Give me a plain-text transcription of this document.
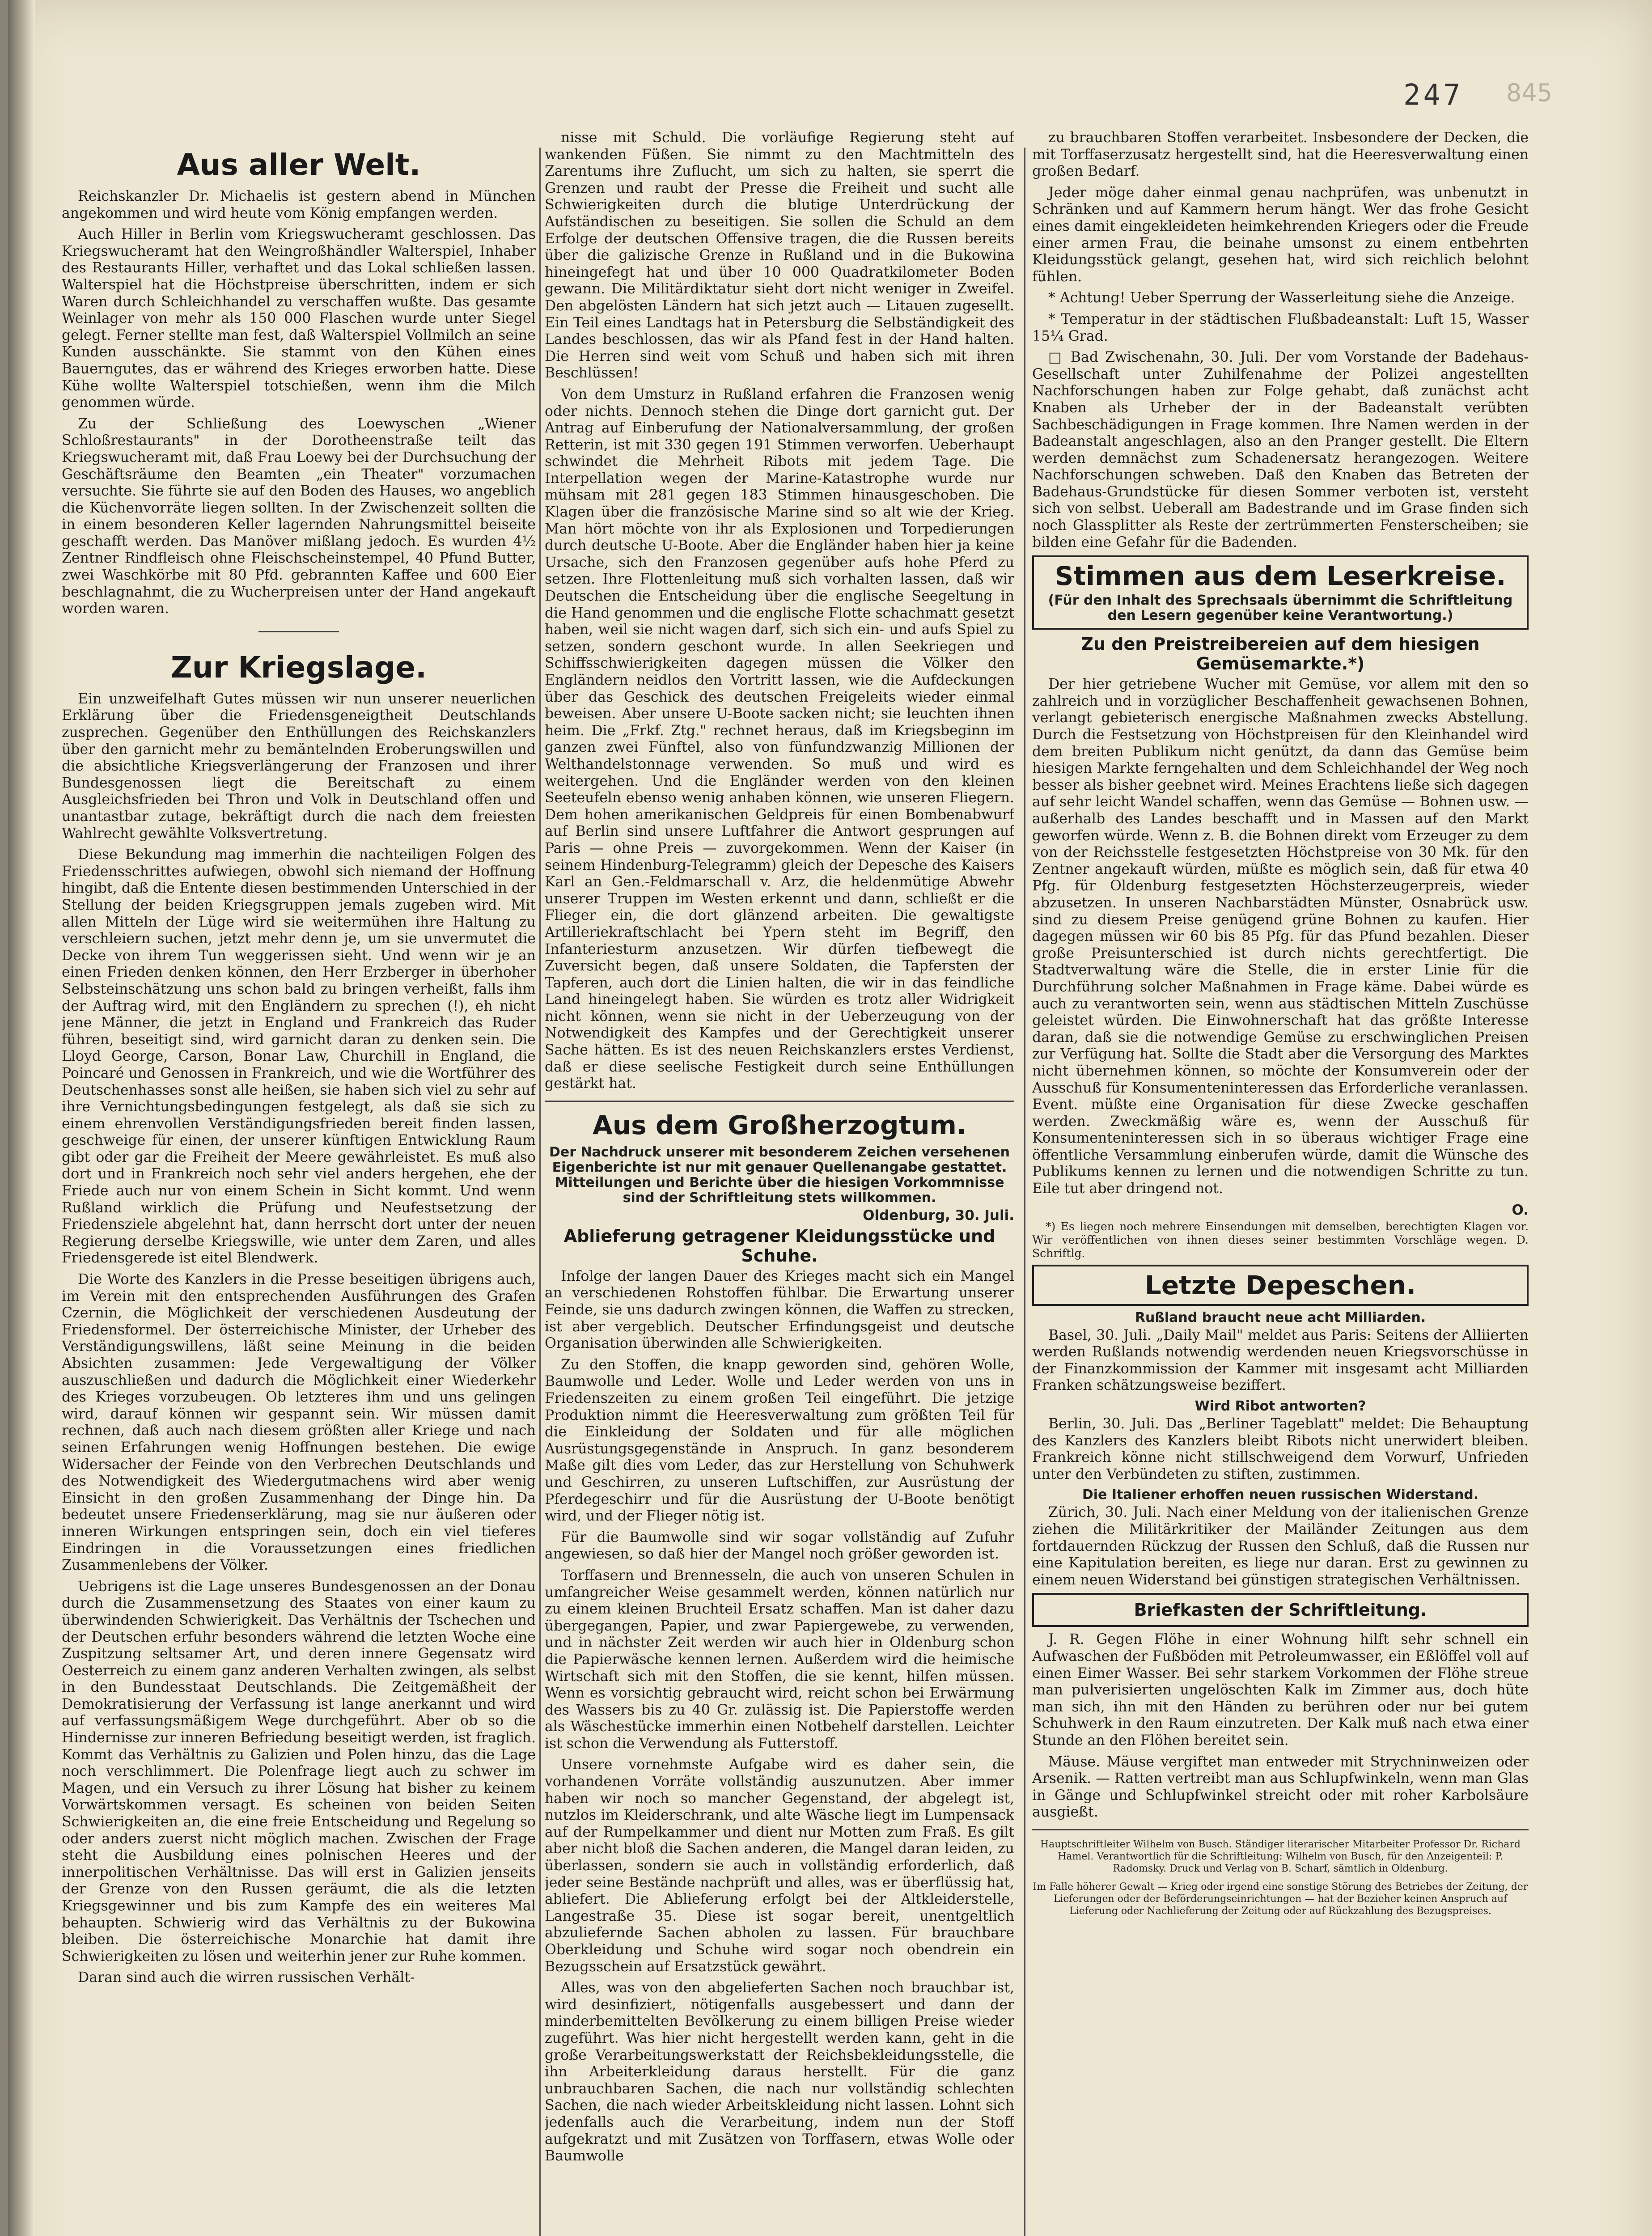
247 845
Aus aller Welt.

Reichskanzler Dr. Michaelis ist gestern abend in München angekommen und wird heute vom König empfangen werden.

Auch Hiller in Berlin vom Kriegswucheramt geschlossen. Das Kriegswucheramt hat den Weingroßhändler Walterspiel, Inhaber des Restaurants Hiller, verhaftet und das Lokal schließen lassen. Walterspiel hat die Höchstpreise überschritten, indem er sich Waren durch Schleichhandel zu verschaffen wußte. Das gesamte Weinlager von mehr als 150 000 Flaschen wurde unter Siegel gelegt. Ferner stellte man fest, daß Walterspiel Vollmilch an seine Kunden ausschänkte. Sie stammt von den Kühen eines Bauerngutes, das er während des Krieges erworben hatte. Diese Kühe wollte Walterspiel totschießen, wenn ihm die Milch genommen würde.

Zu der Schließung des Loewyschen „Wiener Schloßrestaurants" in der Dorotheenstraße teilt das Kriegswucheramt mit, daß Frau Loewy bei der Durchsuchung der Geschäftsräume den Beamten „ein Theater" vorzumachen versuchte. Sie führte sie auf den Boden des Hauses, wo angeblich die Küchenvorräte liegen sollten. In der Zwischenzeit sollten die in einem besonderen Keller lagernden Nahrungsmittel beiseite geschafft werden. Das Manöver mißlang jedoch. Es wurden 4½ Zentner Rindfleisch ohne Fleischscheinstempel, 40 Pfund Butter, zwei Waschkörbe mit 80 Pfd. gebrannten Kaffee und 600 Eier beschlagnahmt, die zu Wucherpreisen unter der Hand angekauft worden waren.

Zur Kriegslage.

Ein unzweifelhaft Gutes müssen wir nun unserer neuerlichen Erklärung über die Friedensgeneigtheit Deutschlands zusprechen. Gegenüber den Enthüllungen des Reichskanzlers über den garnicht mehr zu bemäntelnden Eroberungswillen und die absichtliche Kriegsverlängerung der Franzosen und ihrer Bundesgenossen liegt die Bereitschaft zu einem Ausgleichsfrieden bei Thron und Volk in Deutschland offen und unantastbar zutage, bekräftigt durch die nach dem freiesten Wahlrecht gewählte Volksvertretung.

Diese Bekundung mag immerhin die nachteiligen Folgen des Friedensschrittes aufwiegen, obwohl sich niemand der Hoffnung hingibt, daß die Entente diesen bestimmenden Unterschied in der Stellung der beiden Kriegsgruppen jemals zugeben wird. Mit allen Mitteln der Lüge wird sie weitermühen ihre Haltung zu verschleiern suchen, jetzt mehr denn je, um sie unvermutet die Decke von ihrem Tun weggerissen sieht. Und wenn wir je an einen Frieden denken können, den Herr Erzberger in überhoher Selbsteinschätzung uns schon bald zu bringen verheißt, falls ihm der Auftrag wird, mit den Engländern zu sprechen (!), eh nicht jene Männer, die jetzt in England und Frankreich das Ruder führen, beseitigt sind, wird garnicht daran zu denken sein. Die Lloyd George, Carson, Bonar Law, Churchill in England, die Poincaré und Genossen in Frankreich, und wie die Wortführer des Deutschenhasses sonst alle heißen, sie haben sich viel zu sehr auf ihre Vernichtungsbedingungen festgelegt, als daß sie sich zu einem ehrenvollen Verständigungsfrieden bereit finden lassen, geschweige für einen, der unserer künftigen Entwicklung Raum gibt oder gar die Freiheit der Meere gewährleistet. Es muß also dort und in Frankreich noch sehr viel anders hergehen, ehe der Friede auch nur von einem Schein in Sicht kommt. Und wenn Rußland wirklich die Prüfung und Neufestsetzung der Friedensziele abgelehnt hat, dann herrscht dort unter der neuen Regierung derselbe Kriegswille, wie unter dem Zaren, und alles Friedensgerede ist eitel Blendwerk.

Die Worte des Kanzlers in die Presse beseitigen übrigens auch, im Verein mit den entsprechenden Ausführungen des Grafen Czernin, die Möglichkeit der verschiedenen Ausdeutung der Friedensformel. Der österreichische Minister, der Urheber des Verständigungswillens, läßt seine Meinung in die beiden Absichten zusammen: Jede Vergewaltigung der Völker auszuschließen und dadurch die Möglichkeit einer Wiederkehr des Krieges vorzubeugen. Ob letzteres ihm und uns gelingen wird, darauf können wir gespannt sein. Wir müssen damit rechnen, daß auch nach diesem größten aller Kriege und nach seinen Erfahrungen wenig Hoffnungen bestehen. Die ewige Widersacher der Feinde von den Verbrechen Deutschlands und des Notwendigkeit des Wiedergutmachens wird aber wenig Einsicht in den großen Zusammenhang der Dinge hin. Da bedeutet unsere Friedenserklärung, mag sie nur äußeren oder inneren Wirkungen entspringen sein, doch ein viel tieferes Eindringen in die Voraussetzungen eines friedlichen Zusammenlebens der Völker.

Uebrigens ist die Lage unseres Bundesgenossen an der Donau durch die Zusammensetzung des Staates von einer kaum zu überwindenden Schwierigkeit. Das Verhältnis der Tschechen und der Deutschen erfuhr besonders während die letzten Woche eine Zuspitzung seltsamer Art, und deren innere Gegensatz wird Oesterreich zu einem ganz anderen Verhalten zwingen, als selbst in den Bundesstaat Deutschlands. Die Zeitgemäßheit der Demokratisierung der Verfassung ist lange anerkannt und wird auf verfassungsmäßigem Wege durchgeführt. Aber ob so die Hindernisse zur inneren Befriedung beseitigt werden, ist fraglich. Kommt das Verhältnis zu Galizien und Polen hinzu, das die Lage noch verschlimmert. Die Polenfrage liegt auch zu schwer im Magen, und ein Versuch zu ihrer Lösung hat bisher zu keinem Vorwärtskommen versagt. Es scheinen von beiden Seiten Schwierigkeiten an, die eine freie Entscheidung und Regelung so oder anders zuerst nicht möglich machen. Zwischen der Frage steht die Ausbildung eines polnischen Heeres und der innerpolitischen Verhältnisse. Das will erst in Galizien jenseits der Grenze von den Russen geräumt, die als die letzten Kriegsgewinner und bis zum Kampfe des ein weiteres Mal behaupten. Schwierig wird das Verhältnis zu der Bukowina bleiben. Die österreichische Monarchie hat damit ihre Schwierigkeiten zu lösen und weiterhin jener zur Ruhe kommen.

Daran sind auch die wirren russischen Verhält-

nisse mit Schuld. Die vorläufige Regierung steht auf wankenden Füßen. Sie nimmt zu den Machtmitteln des Zarentums ihre Zuflucht, um sich zu halten, sie sperrt die Grenzen und raubt der Presse die Freiheit und sucht alle Schwierigkeiten durch die blutige Unterdrückung der Aufständischen zu beseitigen. Sie sollen die Schuld an dem Erfolge der deutschen Offensive tragen, die die Russen bereits über die galizische Grenze in Rußland und in die Bukowina hineingefegt hat und über 10 000 Quadratkilometer Boden gewann. Die Militärdiktatur sieht dort nicht weniger in Zweifel. Den abgelösten Ländern hat sich jetzt auch — Litauen zugesellt. Ein Teil eines Landtags hat in Petersburg die Selbständigkeit des Landes beschlossen, das wir als Pfand fest in der Hand halten. Die Herren sind weit vom Schuß und haben sich mit ihren Beschlüssen!

Von dem Umsturz in Rußland erfahren die Franzosen wenig oder nichts. Dennoch stehen die Dinge dort garnicht gut. Der Antrag auf Einberufung der Nationalversammlung, der großen Retterin, ist mit 330 gegen 191 Stimmen verworfen. Ueberhaupt schwindet die Mehrheit Ribots mit jedem Tage. Die Interpellation wegen der Marine-Katastrophe wurde nur mühsam mit 281 gegen 183 Stimmen hinausgeschoben. Die Klagen über die französische Marine sind so alt wie der Krieg. Man hört möchte von ihr als Explosionen und Torpedierungen durch deutsche U-Boote. Aber die Engländer haben hier ja keine Ursache, sich den Franzosen gegenüber aufs hohe Pferd zu setzen. Ihre Flottenleitung muß sich vorhalten lassen, daß wir Deutschen die Entscheidung über die englische Seegeltung in die Hand genommen und die englische Flotte schachmatt gesetzt haben, weil sie nicht wagen darf, sich sich ein- und aufs Spiel zu setzen, sondern geschont wurde. In allen Seekriegen und Schiffsschwierigkeiten dagegen müssen die Völker den Engländern neidlos den Vortritt lassen, wie die Aufdeckungen über das Geschick des deutschen Freigeleits wieder einmal beweisen. Aber unsere U-Boote sacken nicht; sie leuchten ihnen heim. Die „Frkf. Ztg." rechnet heraus, daß im Kriegsbeginn im ganzen zwei Fünftel, also von fünfundzwanzig Millionen der Welthandelstonnage verwenden. So muß und wird es weitergehen. Und die Engländer werden von den kleinen Seeteufeln ebenso wenig anhaben können, wie unseren Fliegern. Dem hohen amerikanischen Geldpreis für einen Bombenabwurf auf Berlin sind unsere Luftfahrer die Antwort gesprungen auf Paris — ohne Preis — zuvorgekommen. Wenn der Kaiser (in seinem Hindenburg-Telegramm) gleich der Depesche des Kaisers Karl an Gen.-Feldmarschall v. Arz, die heldenmütige Abwehr unserer Truppen im Westen erkennt und dann, schließt er die Flieger ein, die dort glänzend arbeiten. Die gewaltigste Artilleriekraftschlacht bei Ypern steht im Begriff, den Infanteriesturm anzusetzen. Wir dürfen tiefbewegt die Zuversicht begen, daß unsere Soldaten, die Tapfersten der Tapferen, auch dort die Linien halten, die wir in das feindliche Land hineingelegt haben. Sie würden es trotz aller Widrigkeit nicht können, wenn sie nicht in der Ueberzeugung von der Notwendigkeit des Kampfes und der Gerechtigkeit unserer Sache hätten. Es ist des neuen Reichskanzlers erstes Verdienst, daß er diese seelische Festigkeit durch seine Enthüllungen gestärkt hat.

Aus dem Großherzogtum.
Der Nachdruck unserer mit besonderem Zeichen versehenen Eigenberichte ist nur mit genauer Quellenangabe gestattet. Mitteilungen und Berichte über die hiesigen Vorkommnisse sind der Schriftleitung stets willkommen.
Oldenburg, 30. Juli.
Ablieferung getragener Kleidungsstücke und Schuhe.

Infolge der langen Dauer des Krieges macht sich ein Mangel an verschiedenen Rohstoffen fühlbar. Die Erwartung unserer Feinde, sie uns dadurch zwingen können, die Waffen zu strecken, ist aber vergeblich. Deutscher Erfindungsgeist und deutsche Organisation überwinden alle Schwierigkeiten.

Zu den Stoffen, die knapp geworden sind, gehören Wolle, Baumwolle und Leder. Wolle und Leder werden von uns in Friedenszeiten zu einem großen Teil eingeführt. Die jetzige Produktion nimmt die Heeresverwaltung zum größten Teil für die Einkleidung der Soldaten und für alle möglichen Ausrüstungsgegenstände in Anspruch. In ganz besonderem Maße gilt dies vom Leder, das zur Herstellung von Schuhwerk und Geschirren, zu unseren Luftschiffen, zur Ausrüstung der Pferdegeschirr und für die Ausrüstung der U-Boote benötigt wird, und der Flieger nötig ist.

Für die Baumwolle sind wir sogar vollständig auf Zufuhr angewiesen, so daß hier der Mangel noch größer geworden ist.

Torffasern und Brennesseln, die auch von unseren Schulen in umfangreicher Weise gesammelt werden, können natürlich nur zu einem kleinen Bruchteil Ersatz schaffen. Man ist daher dazu übergegangen, Papier, und zwar Papiergewebe, zu verwenden, und in nächster Zeit werden wir auch hier in Oldenburg schon die Papierwäsche kennen lernen. Außerdem wird die heimische Wirtschaft sich mit den Stoffen, die sie kennt, hilfen müssen. Wenn es vorsichtig gebraucht wird, reicht schon bei Erwärmung des Wassers bis zu 40 Gr. zulässig ist. Die Papierstoffe werden als Wäschestücke immerhin einen Notbehelf darstellen. Leichter ist schon die Verwendung als Futterstoff.

Unsere vornehmste Aufgabe wird es daher sein, die vorhandenen Vorräte vollständig auszunutzen. Aber immer haben wir noch so mancher Gegenstand, der abgelegt ist, nutzlos im Kleiderschrank, und alte Wäsche liegt im Lumpensack auf der Rumpelkammer und dient nur Motten zum Fraß. Es gilt aber nicht bloß die Sachen anderen, die Mangel daran leiden, zu überlassen, sondern sie auch in vollständig erforderlich, daß jeder seine Bestände nachprüft und alles, was er überflüssig hat, abliefert. Die Ablieferung erfolgt bei der Altkleiderstelle, Langestraße 35. Diese ist sogar bereit, unentgeltlich abzuliefernde Sachen abholen zu lassen. Für brauchbare Oberkleidung und Schuhe wird sogar noch obendrein ein Bezugsschein auf Ersatzstück gewährt.

Alles, was von den abgelieferten Sachen noch brauchbar ist, wird desinfiziert, nötigenfalls ausgebessert und dann der minderbemittelten Bevölkerung zu einem billigen Preise wieder zugeführt. Was hier nicht hergestellt werden kann, geht in die große Verarbeitungswerkstatt der Reichsbekleidungsstelle, die ihn Arbeiterkleidung daraus herstellt. Für die ganz unbrauchbaren Sachen, die nach nur vollständig schlechten Sachen, die nach wieder Arbeitskleidung nicht lassen. Lohnt sich jedenfalls auch die Verarbeitung, indem nun der Stoff aufgekratzt und mit Zusätzen von Torffasern, etwas Wolle oder Baumwolle

zu brauchbaren Stoffen verarbeitet. Insbesondere der Decken, die mit Torffaserzusatz hergestellt sind, hat die Heeresverwaltung einen großen Bedarf.

Jeder möge daher einmal genau nachprüfen, was unbenutzt in Schränken und auf Kammern herum hängt. Wer das frohe Gesicht eines damit eingekleideten heimkehrenden Kriegers oder die Freude einer armen Frau, die beinahe umsonst zu einem entbehrten Kleidungsstück gelangt, gesehen hat, wird sich reichlich belohnt fühlen.

* Achtung! Ueber Sperrung der Wasserleitung siehe die Anzeige.

* Temperatur in der städtischen Flußbadeanstalt: Luft 15, Wasser 15¼ Grad.

□ Bad Zwischenahn, 30. Juli. Der vom Vorstande der Badehaus-Gesellschaft unter Zuhilfenahme der Polizei angestellten Nachforschungen haben zur Folge gehabt, daß zunächst acht Knaben als Urheber der in der Badeanstalt verübten Sachbeschädigungen in Frage kommen. Ihre Namen werden in der Badeanstalt angeschlagen, also an den Pranger gestellt. Die Eltern werden demnächst zum Schadenersatz herangezogen. Weitere Nachforschungen schweben. Daß den Knaben das Betreten der Badehaus-Grundstücke für diesen Sommer verboten ist, versteht sich von selbst. Ueberall am Badestrande und im Grase finden sich noch Glassplitter als Reste der zertrümmerten Fensterscheiben; sie bilden eine Gefahr für die Badenden.

Stimmen aus dem Leserkreise.
(Für den Inhalt des Sprechsaals übernimmt die Schriftleitung den Lesern gegenüber keine Verantwortung.)
Zu den Preistreibereien auf dem hiesigen Gemüsemarkte.*)

Der hier getriebene Wucher mit Gemüse, vor allem mit den so zahlreich und in vorzüglicher Beschaffenheit gewachsenen Bohnen, verlangt gebieterisch energische Maßnahmen zwecks Abstellung. Durch die Festsetzung von Höchstpreisen für den Kleinhandel wird dem breiten Publikum nicht genützt, da dann das Gemüse beim hiesigen Markte ferngehalten und dem Schleichhandel der Weg noch besser als bisher geebnet wird. Meines Erachtens ließe sich dagegen auf sehr leicht Wandel schaffen, wenn das Gemüse — Bohnen usw. — außerhalb des Landes beschafft und in Massen auf den Markt geworfen würde. Wenn z. B. die Bohnen direkt vom Erzeuger zu dem von der Reichsstelle festgesetzten Höchstpreise von 30 Mk. für den Zentner angekauft würden, müßte es möglich sein, daß für etwa 40 Pfg. für Oldenburg festgesetzten Höchsterzeugerpreis, wieder abzusetzen. In unseren Nachbarstädten Münster, Osnabrück usw. sind zu diesem Preise genügend grüne Bohnen zu kaufen. Hier dagegen müssen wir 60 bis 85 Pfg. für das Pfund bezahlen. Dieser große Preisunterschied ist durch nichts gerechtfertigt. Die Stadtverwaltung wäre die Stelle, die in erster Linie für die Durchführung solcher Maßnahmen in Frage käme. Dabei würde es auch zu verantworten sein, wenn aus städtischen Mitteln Zuschüsse geleistet würden. Die Einwohnerschaft hat das größte Interesse daran, daß sie die notwendige Gemüse zu erschwinglichen Preisen zur Verfügung hat. Sollte die Stadt aber die Versorgung des Marktes nicht übernehmen können, so möchte der Konsumverein oder der Ausschuß für Konsumenteninteressen das Erforderliche veranlassen. Event. müßte eine Organisation für diese Zwecke geschaffen werden. Zweckmäßig wäre es, wenn der Ausschuß für Konsumenteninteressen sich in so überaus wichtiger Frage eine öffentliche Versammlung einberufen würde, damit die Wünsche des Publikums kennen zu lernen und die notwendigen Schritte zu tun. Eile tut aber dringend not.

O.

*) Es liegen noch mehrere Einsendungen mit demselben, berechtigten Klagen vor. Wir veröffentlichen von ihnen dieses seiner bestimmten Vorschläge wegen. D. Schriftlg.

Letzte Depeschen.
Rußland braucht neue acht Milliarden.

Basel, 30. Juli. „Daily Mail" meldet aus Paris: Seitens der Alliierten werden Rußlands notwendig werdenden neuen Kriegsvorschüsse in der Finanzkommission der Kammer mit insgesamt acht Milliarden Franken schätzungsweise beziffert.

Wird Ribot antworten?

Berlin, 30. Juli. Das „Berliner Tageblatt" meldet: Die Behauptung des Kanzlers des Kanzlers bleibt Ribots nicht unerwidert bleiben. Frankreich könne nicht stillschweigend dem Vorwurf, Unfrieden unter den Verbündeten zu stiften, zustimmen.

Die Italiener erhoffen neuen russischen Widerstand.

Zürich, 30. Juli. Nach einer Meldung von der italienischen Grenze ziehen die Militärkritiker der Mailänder Zeitungen aus dem fortdauernden Rückzug der Russen den Schluß, daß die Russen nur eine Kapitulation bereiten, es liege nur daran. Erst zu gewinnen zu einem neuen Widerstand bei günstigen strategischen Verhältnissen.

Briefkasten der Schriftleitung.

J. R. Gegen Flöhe in einer Wohnung hilft sehr schnell ein Aufwaschen der Fußböden mit Petroleumwasser, ein Eßlöffel voll auf einen Eimer Wasser. Bei sehr starkem Vorkommen der Flöhe streue man pulverisierten ungelöschten Kalk im Zimmer aus, doch hüte man sich, ihn mit den Händen zu berühren oder nur bei gutem Schuhwerk in den Raum einzutreten. Der Kalk muß nach etwa einer Stunde an den Flöhen bereitet sein.

Mäuse. Mäuse vergiftet man entweder mit Strychninweizen oder Arsenik. — Ratten vertreibt man aus Schlupfwinkeln, wenn man Glas in Gänge und Schlupfwinkel streicht oder mit roher Karbolsäure ausgießt.

Hauptschriftleiter Wilhelm von Busch. Ständiger literarischer Mitarbeiter Professor Dr. Richard Hamel. Verantwortlich für die Schriftleitung: Wilhelm von Busch, für den Anzeigenteil: P. Radomsky. Druck und Verlag von B. Scharf, sämtlich in Oldenburg.

Im Falle höherer Gewalt — Krieg oder irgend eine sonstige Störung des Betriebes der Zeitung, der Lieferungen oder der Beförderungseinrichtungen — hat der Bezieher keinen Anspruch auf Lieferung oder Nachlieferung der Zeitung oder auf Rückzahlung des Bezugspreises.
